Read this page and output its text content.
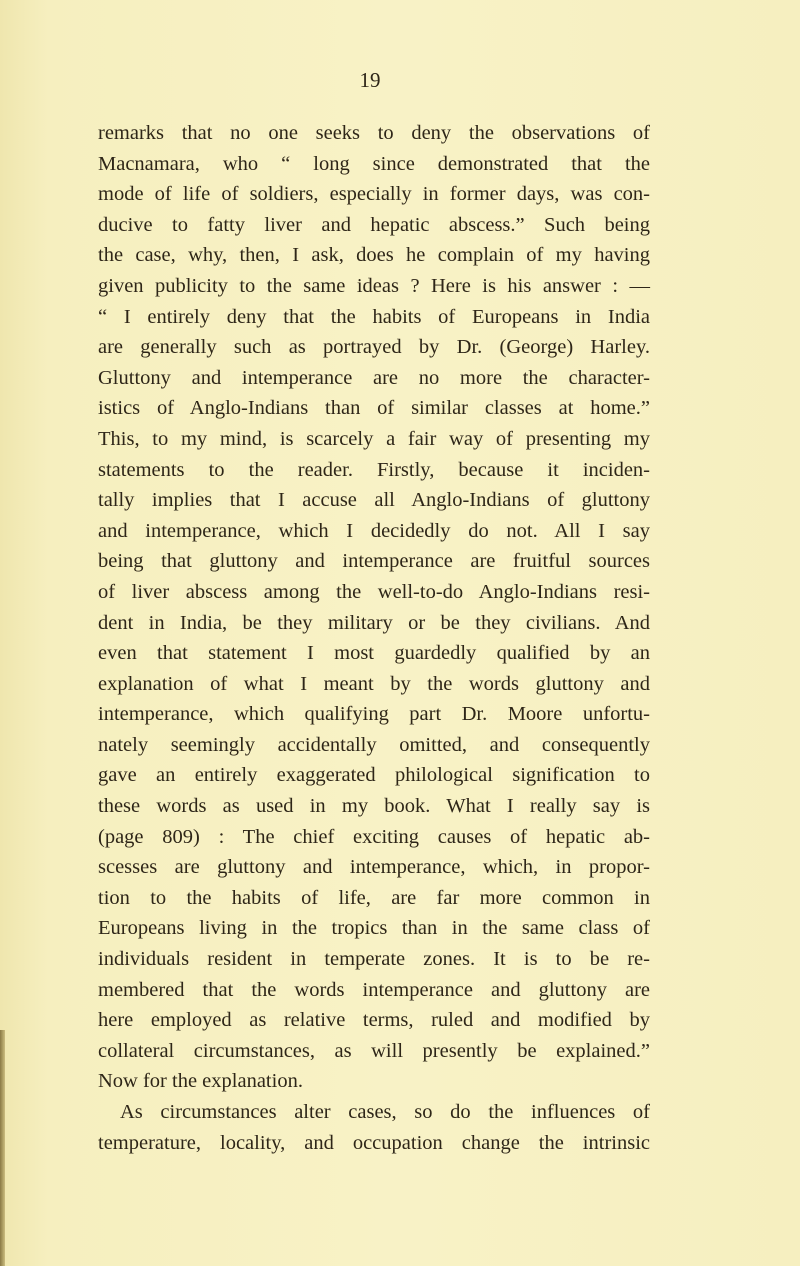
19
remarks that no one seeks to deny the observations of
Macnamara, who “ long since demonstrated that the
mode of life of soldiers, especially in former days, was con-
ducive to fatty liver and hepatic abscess.” Such being
the case, why, then, I ask, does he complain of my having
given publicity to the same ideas ? Here is his answer : —
“ I entirely deny that the habits of Europeans in India
are generally such as portrayed by Dr. (George) Harley.
Gluttony and intemperance are no more the character-
istics of Anglo-Indians than of similar classes at home.”
This, to my mind, is scarcely a fair way of presenting my
statements to the reader. Firstly, because it inciden-
tally implies that I accuse all Anglo-Indians of gluttony
and intemperance, which I decidedly do not. All I say
being that gluttony and intemperance are fruitful sources
of liver abscess among the well-to-do Anglo-Indians resi-
dent in India, be they military or be they civilians. And
even that statement I most guardedly qualified by an
explanation of what I meant by the words gluttony and
intemperance, which qualifying part Dr. Moore unfortu-
nately seemingly accidentally omitted, and consequently
gave an entirely exaggerated philological signification to
these words as used in my book. What I really say is
(page 809) : The chief exciting causes of hepatic ab-
scesses are gluttony and intemperance, which, in propor-
tion to the habits of life, are far more common in
Europeans living in the tropics than in the same class of
individuals resident in temperate zones. It is to be re-
membered that the words intemperance and gluttony are
here employed as relative terms, ruled and modified by
collateral circumstances, as will presently be explained.”
Now for the explanation.
As circumstances alter cases, so do the influences of
temperature, locality, and occupation change the intrinsic
